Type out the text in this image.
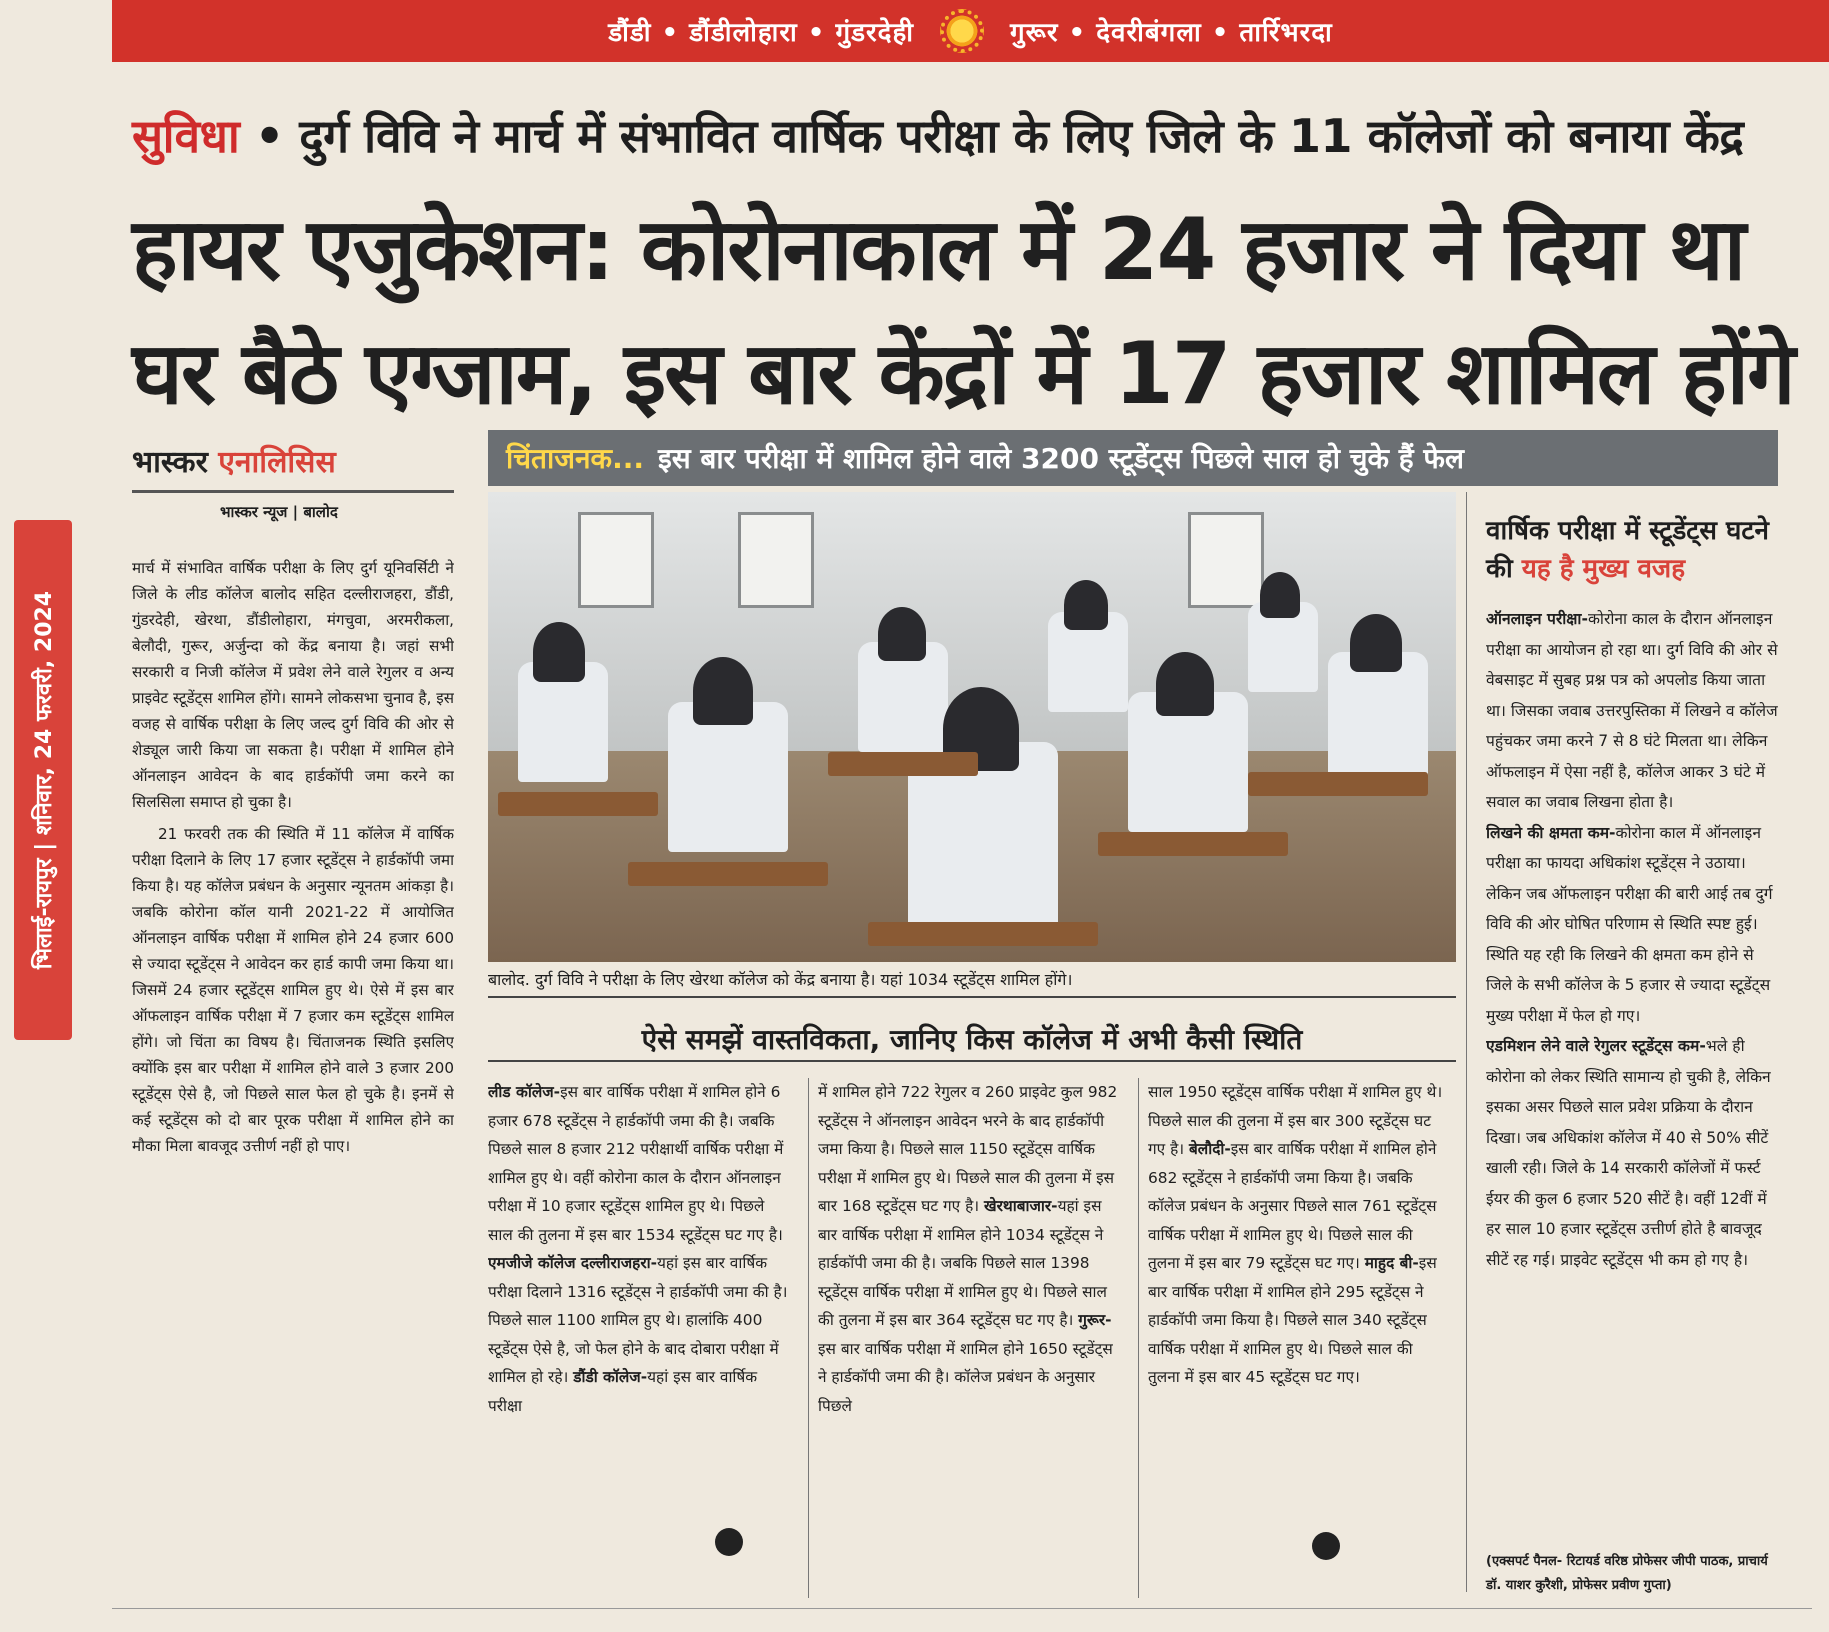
डौंडी • डौंडीलोहारा • गुंडरदेही	गुरूर • देवरीबंगला • तार्रिभरदा
सुविधा • दुर्ग विवि ने मार्च में संभावित वार्षिक परीक्षा के लिए जिले के 11 कॉलेजों को बनाया केंद्र
हायर एजुकेशन: कोरोनाकाल में 24 हजार ने दिया था
घर बैठे एग्जाम, इस बार केंद्रों में 17 हजार शामिल होंगे
भिलाई-रायपुर | शनिवार, 24 फरवरी, 2024
भास्कर एनालिसिस
भास्कर न्यूज | बालोद

मार्च में संभावित वार्षिक परीक्षा के लिए दुर्ग यूनिवर्सिटी ने जिले के लीड कॉलेज बालोद सहित दल्लीराजहरा, डौंडी, गुंडरदेही, खेरथा, डौंडीलोहारा, मंगचुवा, अरमरीकला, बेलौदी, गुरूर, अर्जुन्दा को केंद्र बनाया है। जहां सभी सरकारी व निजी कॉलेज में प्रवेश लेने वाले रेगुलर व अन्य प्राइवेट स्टूडेंट्स शामिल होंगे। सामने लोकसभा चुनाव है, इस वजह से वार्षिक परीक्षा के लिए जल्द दुर्ग विवि की ओर से शेड्यूल जारी किया जा सकता है। परीक्षा में शामिल होने ऑनलाइन आवेदन के बाद हार्डकॉपी जमा करने का सिलसिला समाप्त हो चुका है।

21 फरवरी तक की स्थिति में 11 कॉलेज में वार्षिक परीक्षा दिलाने के लिए 17 हजार स्टूडेंट्स ने हार्डकॉपी जमा किया है। यह कॉलेज प्रबंधन के अनुसार न्यूनतम आंकड़ा है। जबकि कोरोना कॉल यानी 2021-22 में आयोजित ऑनलाइन वार्षिक परीक्षा में शामिल होने 24 हजार 600 से ज्यादा स्टूडेंट्स ने आवेदन कर हार्ड कापी जमा किया था। जिसमें 24 हजार स्टूडेंट्स शामिल हुए थे। ऐसे में इस बार ऑफलाइन वार्षिक परीक्षा में 7 हजार कम स्टूडेंट्स शामिल होंगे। जो चिंता का विषय है। चिंताजनक स्थिति इसलिए क्योंकि इस बार परीक्षा में शामिल होने वाले 3 हजार 200 स्टूडेंट्स ऐसे है, जो पिछले साल फेल हो चुके है। इनमें से कई स्टूडेंट्स को दो बार पूरक परीक्षा में शामिल होने का मौका मिला बावजूद उत्तीर्ण नहीं हो पाए।

चिंताजनक... इस बार परीक्षा में शामिल होने वाले 3200 स्टूडेंट्स पिछले साल हो चुके हैं फेल
बालोद. दुर्ग विवि ने परीक्षा के लिए खेरथा कॉलेज को केंद्र बनाया है। यहां 1034 स्टूडेंट्स शामिल होंगे।
ऐसे समझें वास्तविकता, जानिए किस कॉलेज में अभी कैसी स्थिति
लीड कॉलेज-इस बार वार्षिक परीक्षा में शामिल होने 6 हजार 678 स्टूडेंट्स ने हार्डकॉपी जमा की है। जबकि पिछले साल 8 हजार 212 परीक्षार्थी वार्षिक परीक्षा में शामिल हुए थे। वहीं कोरोना काल के दौरान ऑनलाइन परीक्षा में 10 हजार स्टूडेंट्स शामिल हुए थे। पिछले साल की तुलना में इस बार 1534 स्टूडेंट्स घट गए है। एमजीजे कॉलेज दल्लीराजहरा-यहां इस बार वार्षिक परीक्षा दिलाने 1316 स्टूडेंट्स ने हार्डकॉपी जमा की है। पिछले साल 1100 शामिल हुए थे। हालांकि 400 स्टूडेंट्स ऐसे है, जो फेल होने के बाद दोबारा परीक्षा में शामिल हो रहे। डौंडी कॉलेज-यहां इस बार वार्षिक परीक्षा
में शामिल होने 722 रेगुलर व 260 प्राइवेट कुल 982 स्टूडेंट्स ने ऑनलाइन आवेदन भरने के बाद हार्डकॉपी जमा किया है। पिछले साल 1150 स्टूडेंट्स वार्षिक परीक्षा में शामिल हुए थे। पिछले साल की तुलना में इस बार 168 स्टूडेंट्स घट गए है। खेरथाबाजार-यहां इस बार वार्षिक परीक्षा में शामिल होने 1034 स्टूडेंट्स ने हार्डकॉपी जमा की है। जबकि पिछले साल 1398 स्टूडेंट्स वार्षिक परीक्षा में शामिल हुए थे। पिछले साल की तुलना में इस बार 364 स्टूडेंट्स घट गए है। गुरूर-इस बार वार्षिक परीक्षा में शामिल होने 1650 स्टूडेंट्स ने हार्डकॉपी जमा की है। कॉलेज प्रबंधन के अनुसार पिछले
साल 1950 स्टूडेंट्स वार्षिक परीक्षा में शामिल हुए थे। पिछले साल की तुलना में इस बार 300 स्टूडेंट्स घट गए है। बेलौदी-इस बार वार्षिक परीक्षा में शामिल होने 682 स्टूडेंट्स ने हार्डकॉपी जमा किया है। जबकि कॉलेज प्रबंधन के अनुसार पिछले साल 761 स्टूडेंट्स वार्षिक परीक्षा में शामिल हुए थे। पिछले साल की तुलना में इस बार 79 स्टूडेंट्स घट गए। माहुद बी-इस बार वार्षिक परीक्षा में शामिल होने 295 स्टूडेंट्स ने हार्डकॉपी जमा किया है। पिछले साल 340 स्टूडेंट्स वार्षिक परीक्षा में शामिल हुए थे। पिछले साल की तुलना में इस बार 45 स्टूडेंट्स घट गए।
वार्षिक परीक्षा में स्टूडेंट्स घटने की यह है मुख्य वजह

ऑनलाइन परीक्षा-कोरोना काल के दौरान ऑनलाइन परीक्षा का आयोजन हो रहा था। दुर्ग विवि की ओर से वेबसाइट में सुबह प्रश्न पत्र को अपलोड किया जाता था। जिसका जवाब उत्तरपुस्तिका में लिखने व कॉलेज पहुंचकर जमा करने 7 से 8 घंटे मिलता था। लेकिन ऑफलाइन में ऐसा नहीं है, कॉलेज आकर 3 घंटे में सवाल का जवाब लिखना होता है।

लिखने की क्षमता कम-कोरोना काल में ऑनलाइन परीक्षा का फायदा अधिकांश स्टूडेंट्स ने उठाया। लेकिन जब ऑफलाइन परीक्षा की बारी आई तब दुर्ग विवि की ओर घोषित परिणाम से स्थिति स्पष्ट हुई। स्थिति यह रही कि लिखने की क्षमता कम होने से जिले के सभी कॉलेज के 5 हजार से ज्यादा स्टूडेंट्स मुख्य परीक्षा में फेल हो गए।

एडमिशन लेने वाले रेगुलर स्टूडेंट्स कम-भले ही कोरोना को लेकर स्थिति सामान्य हो चुकी है, लेकिन इसका असर पिछले साल प्रवेश प्रक्रिया के दौरान दिखा। जब अधिकांश कॉलेज में 40 से 50% सीटें खाली रही। जिले के 14 सरकारी कॉलेजों में फर्स्ट ईयर की कुल 6 हजार 520 सीटें है। वहीं 12वीं में हर साल 10 हजार स्टूडेंट्स उत्तीर्ण होते है बावजूद सीटें रह गई। प्राइवेट स्टूडेंट्स भी कम हो गए है।

(एक्सपर्ट पैनल- रिटायर्ड वरिष्ठ प्रोफेसर जीपी पाठक, प्राचार्य डॉ. याशर कुरैशी, प्रोफेसर प्रवीण गुप्ता)
